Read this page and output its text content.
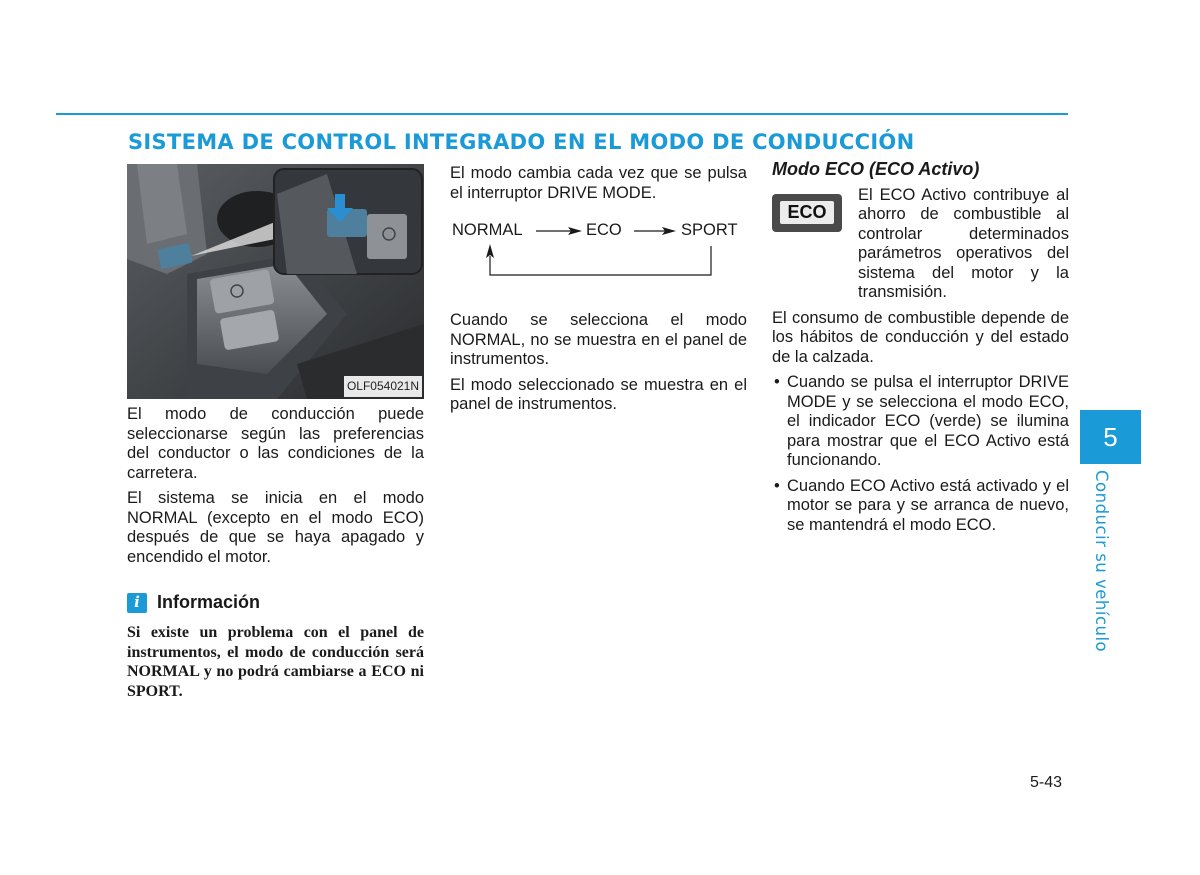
SISTEMA DE CONTROL INTEGRADO EN EL MODO DE CONDUCCIÓN
OLF054021N

El modo de conducción puede seleccionarse según las preferencias del conductor o las condiciones de la carretera.

El sistema se inicia en el modo NORMAL (excepto en el modo ECO) después de que se haya apagado y encendido el motor.

i Información

Si existe un problema con el panel de instrumentos, el modo de conducción será NORMAL y no podrá cambiarse a ECO ni SPORT.

El modo cambia cada vez que se pulsa el interruptor DRIVE MODE.

NORMAL	ECO	SPORT

Cuando se selecciona el modo NORMAL, no se muestra en el panel de instrumentos.

El modo seleccionado se muestra en el panel de instrumentos.

Modo ECO (ECO Activo)

ECO
El ECO Activo contribuye al ahorro de combustible al controlar determinados parámetros operativos del sistema del motor y la transmisión.

El consumo de combustible depende de los hábitos de conducción y del estado de la calzada.

• Cuando se pulsa el interruptor DRIVE MODE y se selecciona el modo ECO, el indicador ECO (verde) se ilumina para mostrar que el ECO Activo está funcionando.
• Cuando ECO Activo está activado y el motor se para y se arranca de nuevo, se mantendrá el modo ECO.
5
Conducir su vehículo
5-43
